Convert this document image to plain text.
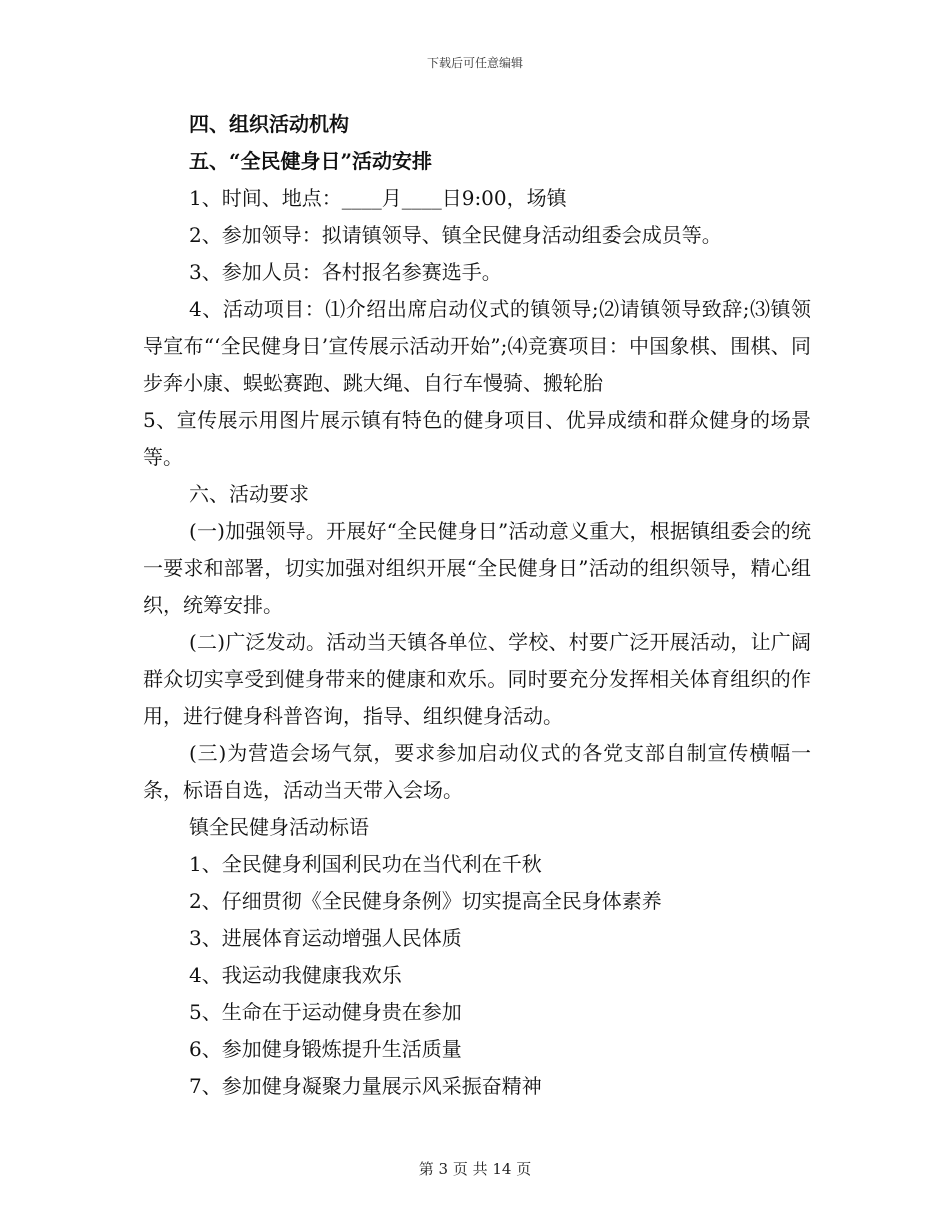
下载后可任意编辑

四、组织活动机构

五、“全民健身日”活动安排

1、时间、地点：____月____日9:00，场镇

2、参加领导：拟请镇领导、镇全民健身活动组委会成员等。

3、参加人员：各村报名参赛选手。

4、活动项目：⑴介绍出席启动仪式的镇领导;⑵请镇领导致辞;⑶镇领导宣布“‘全民健身日’宣传展示活动开始”;⑷竞赛项目：中国象棋、围棋、同步奔小康、蜈蚣赛跑、跳大绳、自行车慢骑、搬轮胎

5、宣传展示用图片展示镇有特色的健身项目、优异成绩和群众健身的场景等。

六、活动要求

(一)加强领导。开展好“全民健身日”活动意义重大，根据镇组委会的统一要求和部署，切实加强对组织开展“全民健身日”活动的组织领导，精心组织，统筹安排。

(二)广泛发动。活动当天镇各单位、学校、村要广泛开展活动，让广阔群众切实享受到健身带来的健康和欢乐。同时要充分发挥相关体育组织的作用，进行健身科普咨询，指导、组织健身活动。

(三)为营造会场气氛，要求参加启动仪式的各党支部自制宣传横幅一条，标语自选，活动当天带入会场。

镇全民健身活动标语

1、全民健身利国利民功在当代利在千秋

2、仔细贯彻《全民健身条例》切实提高全民身体素养

3、进展体育运动增强人民体质

4、我运动我健康我欢乐

5、生命在于运动健身贵在参加

6、参加健身锻炼提升生活质量

7、参加健身凝聚力量展示风采振奋精神

第 3 页 共 14 页
